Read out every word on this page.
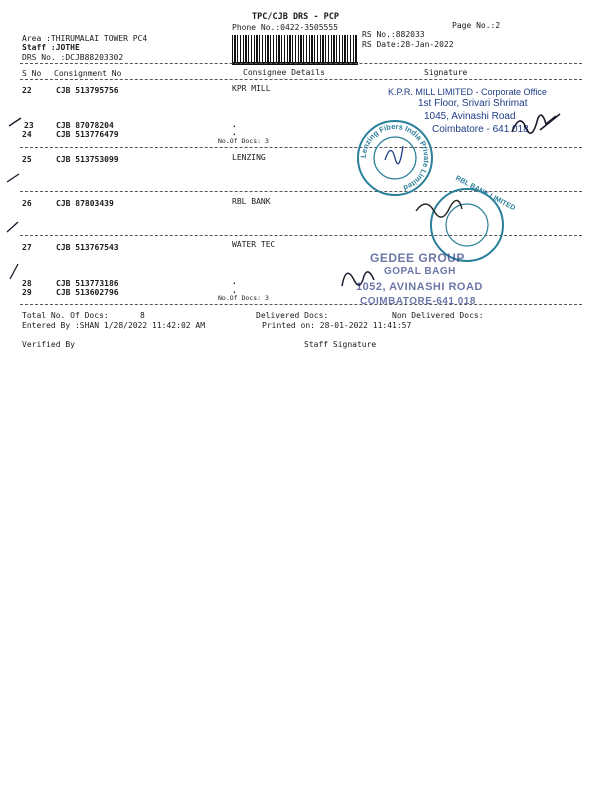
TPC/CJB DRS - PCP
Phone No.:0422-3505555	Page No.:2
Area :THIRUMALAI TOWER PC4
Staff :JOTHE
DRS No. :DCJB88203302
RS No.:882033
RS Date:28-Jan-2022
S No Consignment No	Consignee Details	Signature
22	CJB 513795756	KPR MILL
23	CJB 87078204	.
24	CJB 513776479	.
No.Of Docs: 3
25	CJB 513753099	LENZING
26	CJB 87803439	RBL BANK
27	CJB 513767543	WATER TEC
28	CJB 513773186	.
29	CJB 513602796	.
No.Of Docs: 3
Total No. Of Docs:	8	Delivered Docs:	Non Delivered Docs:
Entered By :SHAN 1/28/2022 11:42:02 AM	Printed on: 28-01-2022 11:41:57
Verified By	Staff Signature
K.P.R. MILL LIMITED - Corporate Office
1st Floor, Srivari Shrimat
1045, Avinashi Road
Coimbatore - 641 018
Lenzing Fibers India Private Limited	RBL BANK LIMITED
GEDEE GROUP
GOPAL BAGH
1052, AVINASHI ROAD
COIMBATORE-641 018
